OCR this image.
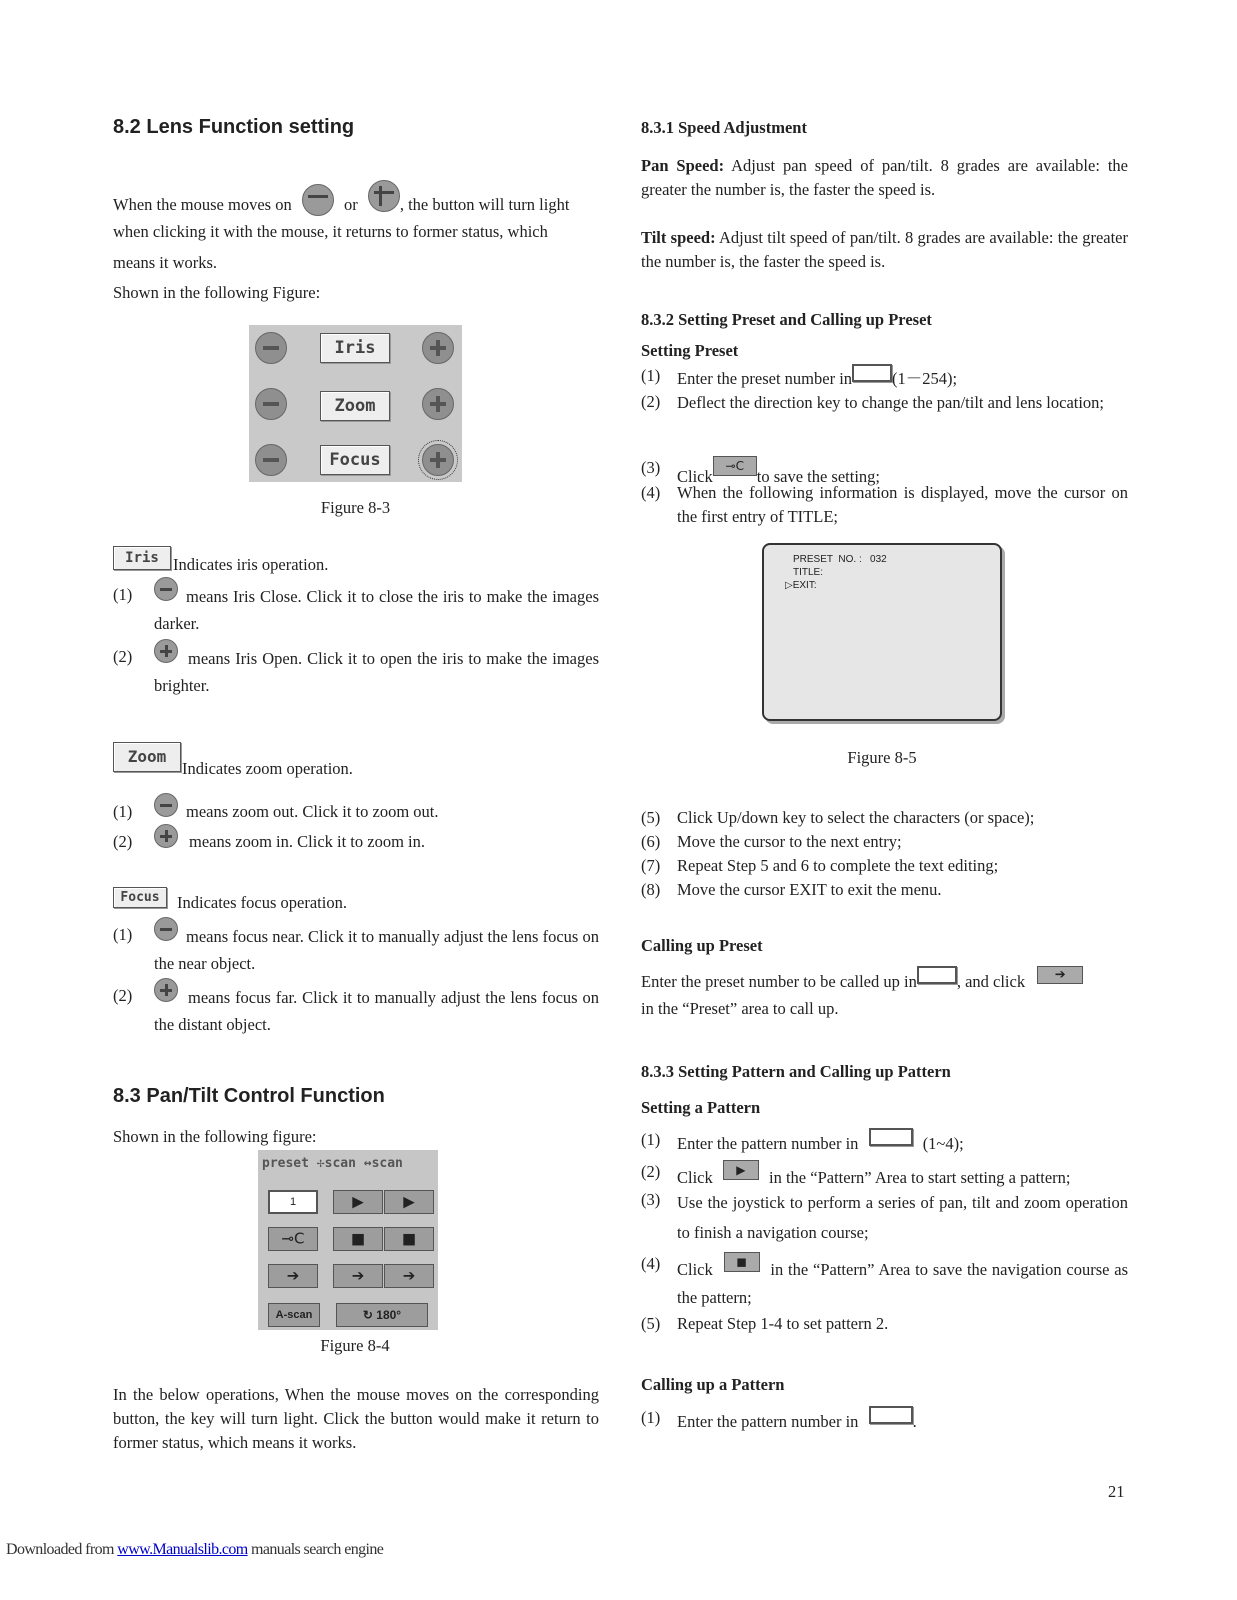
8.2 Lens Function setting
When the mouse moves on	or	, the button will turn light
when clicking it with the mouse, it returns to former status, which
means it works.
Shown in the following Figure:
Iris
Zoom
Focus
Figure 8-3
Iris Indicates iris operation.
(1)	means Iris Close. Click it to close the iris to make the images darker.
(2)	means Iris Open. Click it to open the iris to make the images brighter.
Zoom
Indicates zoom operation.
(1)	means zoom out. Click it to zoom out.
(2)	means zoom in. Click it to zoom in.
Focus	Indicates focus operation.
(1)	means focus near. Click it to manually adjust the lens focus on the near object.
(2)	means focus far. Click it to manually adjust the lens focus on the distant object.
8.3 Pan/Tilt Control Function
Shown in the following figure:
preset ✢scan ↔scan
1	▶	▶
⊸C	■ ■
➔	➔	➔
A-scan	↻ 180°
Figure 8-4
In the below operations, When the mouse moves on the corresponding button, the key will turn light. Click the button would make it return to former status, which means it works.
8.3.1 Speed Adjustment
Pan Speed: Adjust pan speed of pan/tilt. 8 grades are available: the greater the number is, the faster the speed is.
Tilt speed: Adjust tilt speed of pan/tilt. 8 grades are available: the greater the number is, the faster the speed is.
8.3.2 Setting Preset and Calling up Preset
Setting Preset
(1) Enter the preset number in (1－254);
(2) Deflect the direction key to change the pan/tilt and lens location;
(3) Click
⊸C
to save the setting;
(4) When the following information is displayed, move the cursor on the first entry of TITLE;
PRESET  NO. :   032
TITLE:
▷EXIT:
Figure 8-5
(5) Click Up/down key to select the characters (or space);
(6) Move the cursor to the next entry;
(7) Repeat Step 5 and 6 to complete the text editing;
(8) Move the cursor EXIT to exit the menu.
Calling up Preset
Enter the preset number to be called up in , and click ➔
in the “Preset” area to call up.
8.3.3 Setting Pattern and Calling up Pattern
Setting a Pattern
(1) Enter the pattern number in	(1~4);
(2) Click ▶ in the “Pattern” Area to start setting a pattern;
(3) Use the joystick to perform a series of pan, tilt and zoom operation to finish a navigation course;
(4) Click ■ in the “Pattern” Area to save the navigation course as the pattern;
(5) Repeat Step 1-4 to set pattern 2.
Calling up a Pattern
(1) Enter the pattern number in	.
21
Downloaded from www.Manualslib.com manuals search engine
